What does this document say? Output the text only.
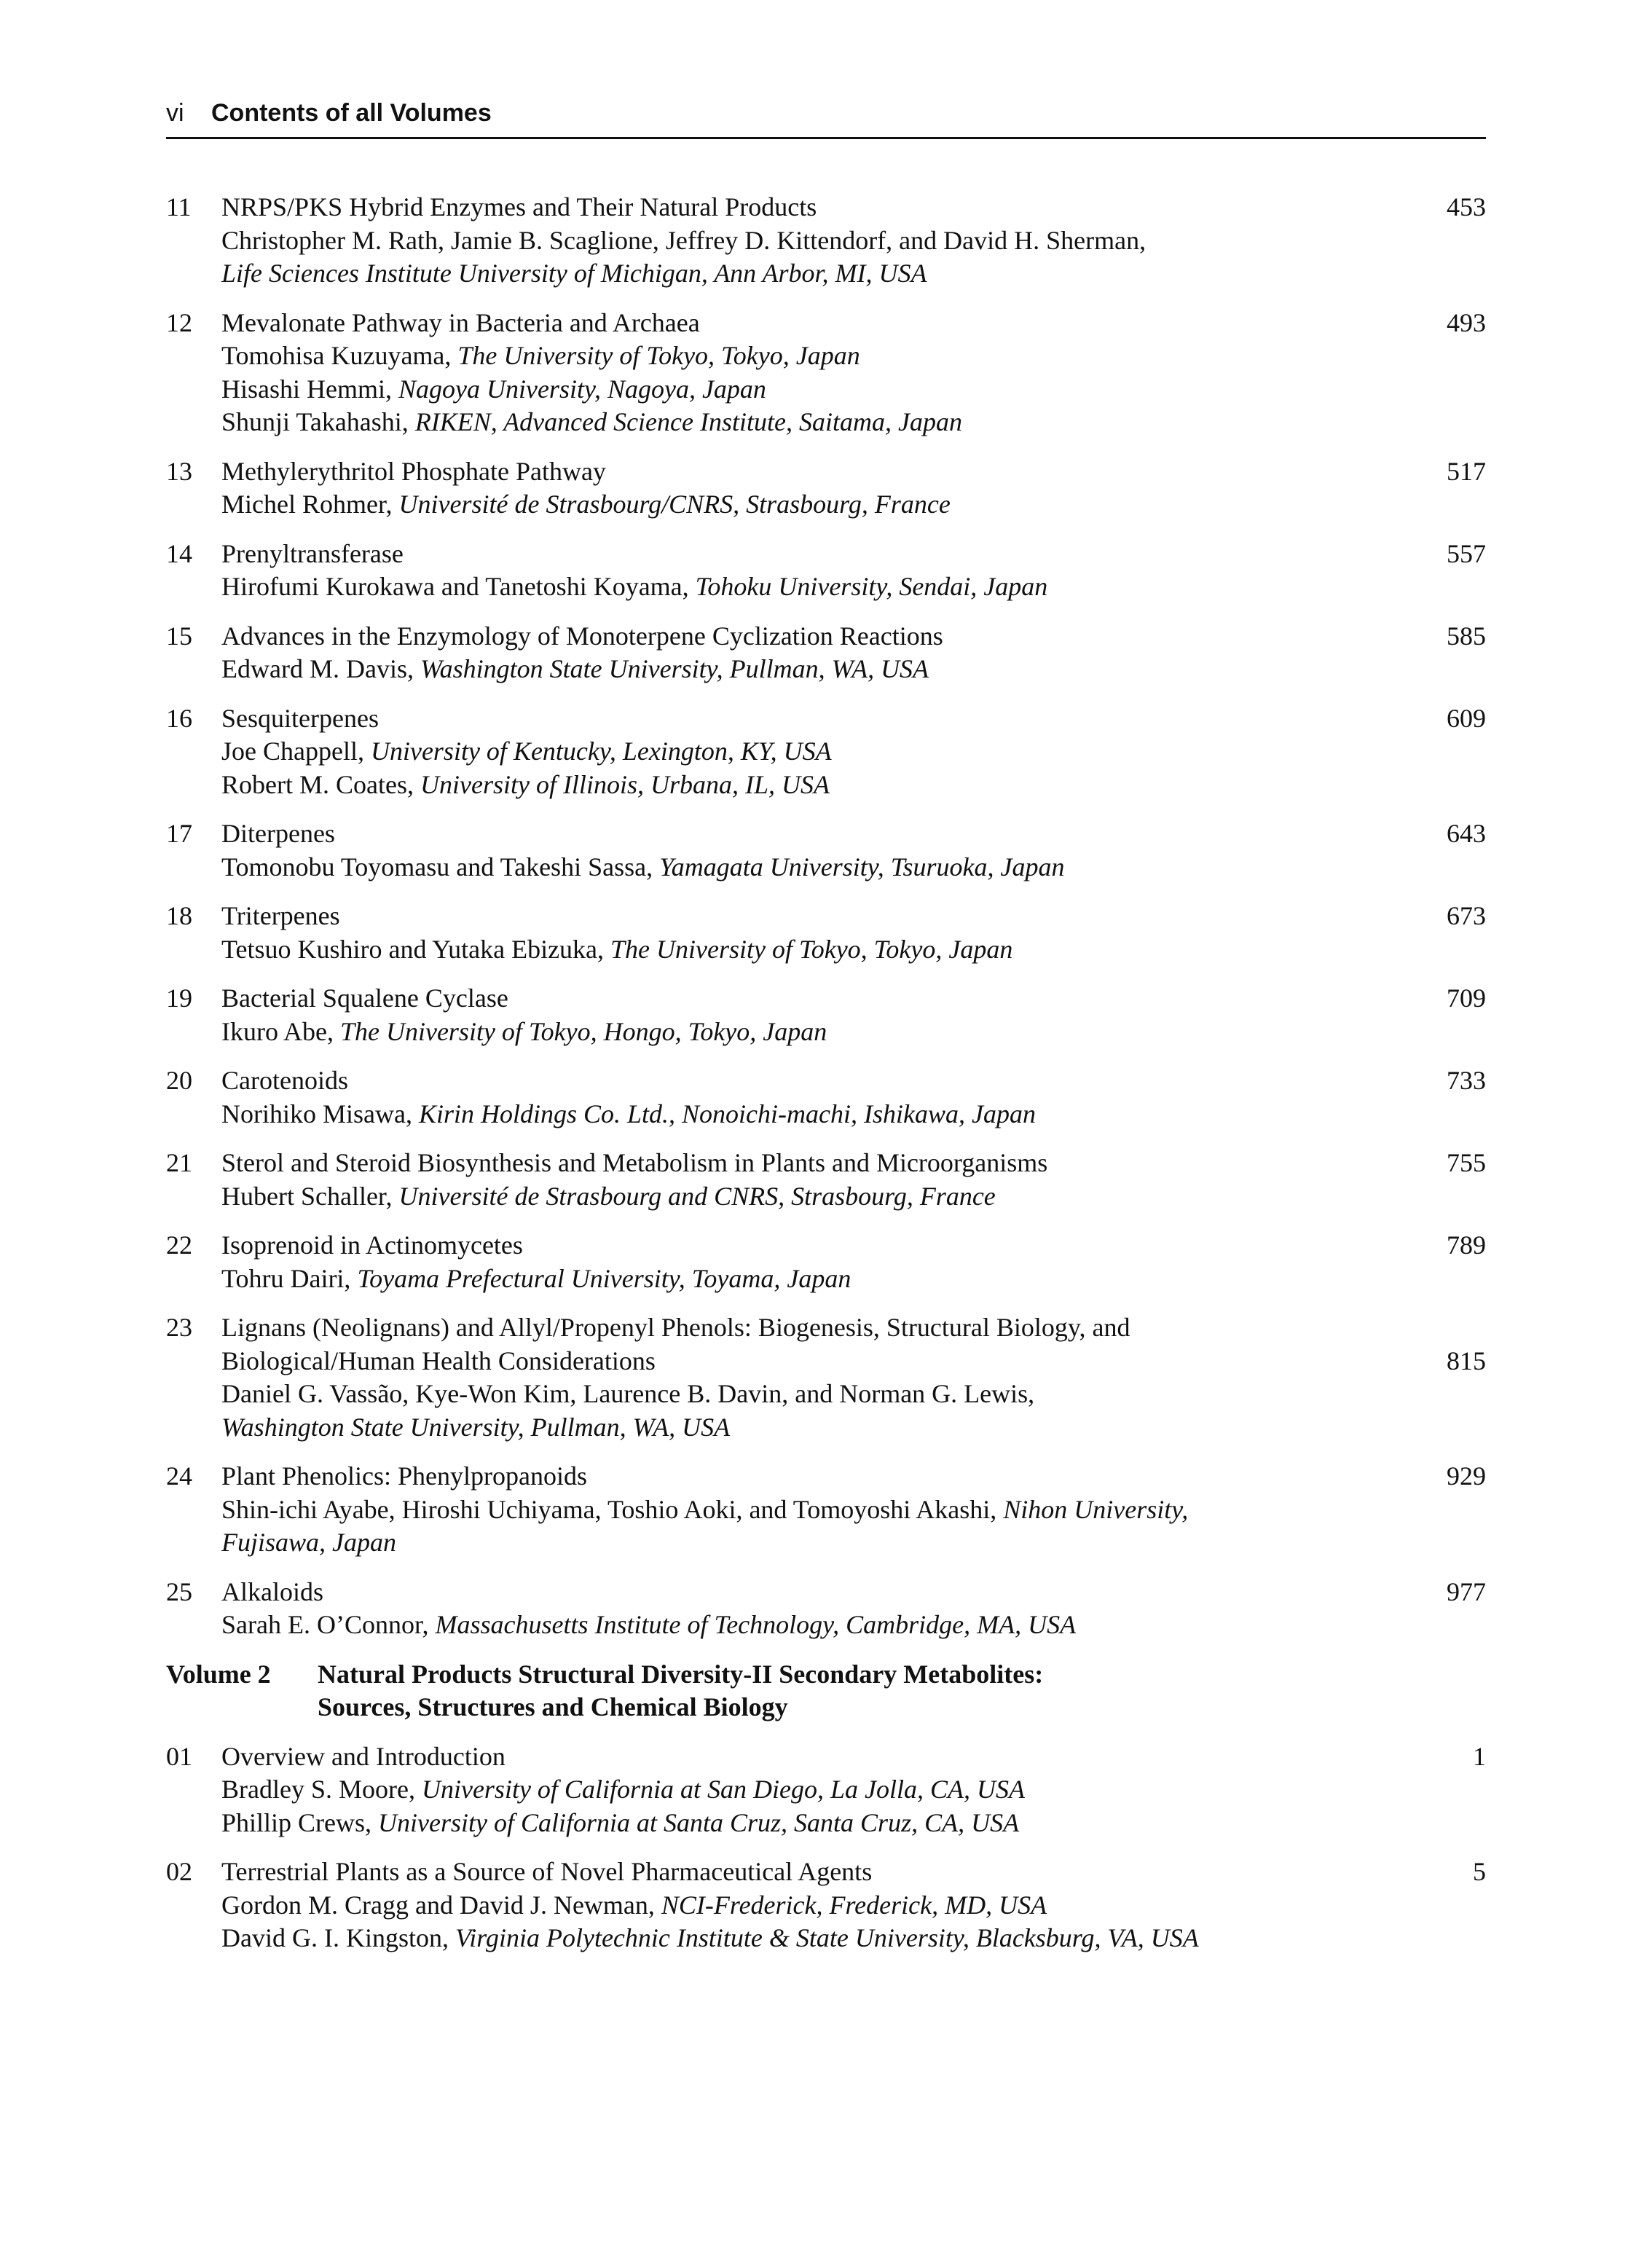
vi Contents of all Volumes
11	NRPS/PKS Hybrid Enzymes and Their Natural Products
Christopher M. Rath, Jamie B. Scaglione, Jeffrey D. Kittendorf, and David H. Sherman,
Life Sciences Institute University of Michigan, Ann Arbor, MI, USA
453
12	Mevalonate Pathway in Bacteria and Archaea
Tomohisa Kuzuyama, The University of Tokyo, Tokyo, Japan
Hisashi Hemmi, Nagoya University, Nagoya, Japan
Shunji Takahashi, RIKEN, Advanced Science Institute, Saitama, Japan
493
13	Methylerythritol Phosphate Pathway
Michel Rohmer, Université de Strasbourg/CNRS, Strasbourg, France
517
14	Prenyltransferase
Hirofumi Kurokawa and Tanetoshi Koyama, Tohoku University, Sendai, Japan
557
15	Advances in the Enzymology of Monoterpene Cyclization Reactions
Edward M. Davis, Washington State University, Pullman, WA, USA
585
16	Sesquiterpenes
Joe Chappell, University of Kentucky, Lexington, KY, USA
Robert M. Coates, University of Illinois, Urbana, IL, USA
609
17	Diterpenes
Tomonobu Toyomasu and Takeshi Sassa, Yamagata University, Tsuruoka, Japan
643
18	Triterpenes
Tetsuo Kushiro and Yutaka Ebizuka, The University of Tokyo, Tokyo, Japan
673
19	Bacterial Squalene Cyclase
Ikuro Abe, The University of Tokyo, Hongo, Tokyo, Japan
709
20	Carotenoids
Norihiko Misawa, Kirin Holdings Co. Ltd., Nonoichi-machi, Ishikawa, Japan
733
21	Sterol and Steroid Biosynthesis and Metabolism in Plants and Microorganisms
Hubert Schaller, Université de Strasbourg and CNRS, Strasbourg, France
755
22	Isoprenoid in Actinomycetes
Tohru Dairi, Toyama Prefectural University, Toyama, Japan
789
23	Lignans (Neolignans) and Allyl/Propenyl Phenols: Biogenesis, Structural Biology, and
Biological/Human Health Considerations
Daniel G. Vassão, Kye-Won Kim, Laurence B. Davin, and Norman G. Lewis,
Washington State University, Pullman, WA, USA
815
24	Plant Phenolics: Phenylpropanoids
Shin-ichi Ayabe, Hiroshi Uchiyama, Toshio Aoki, and Tomoyoshi Akashi, Nihon University,
Fujisawa, Japan
929
25	Alkaloids
Sarah E. O’Connor, Massachusetts Institute of Technology, Cambridge, MA, USA
977
Volume 2 Natural Products Structural Diversity-II Secondary Metabolites:
Sources, Structures and Chemical Biology
01	Overview and Introduction
Bradley S. Moore, University of California at San Diego, La Jolla, CA, USA
Phillip Crews, University of California at Santa Cruz, Santa Cruz, CA, USA
1
02	Terrestrial Plants as a Source of Novel Pharmaceutical Agents
Gordon M. Cragg and David J. Newman, NCI-Frederick, Frederick, MD, USA
David G. I. Kingston, Virginia Polytechnic Institute & State University, Blacksburg, VA, USA
5
